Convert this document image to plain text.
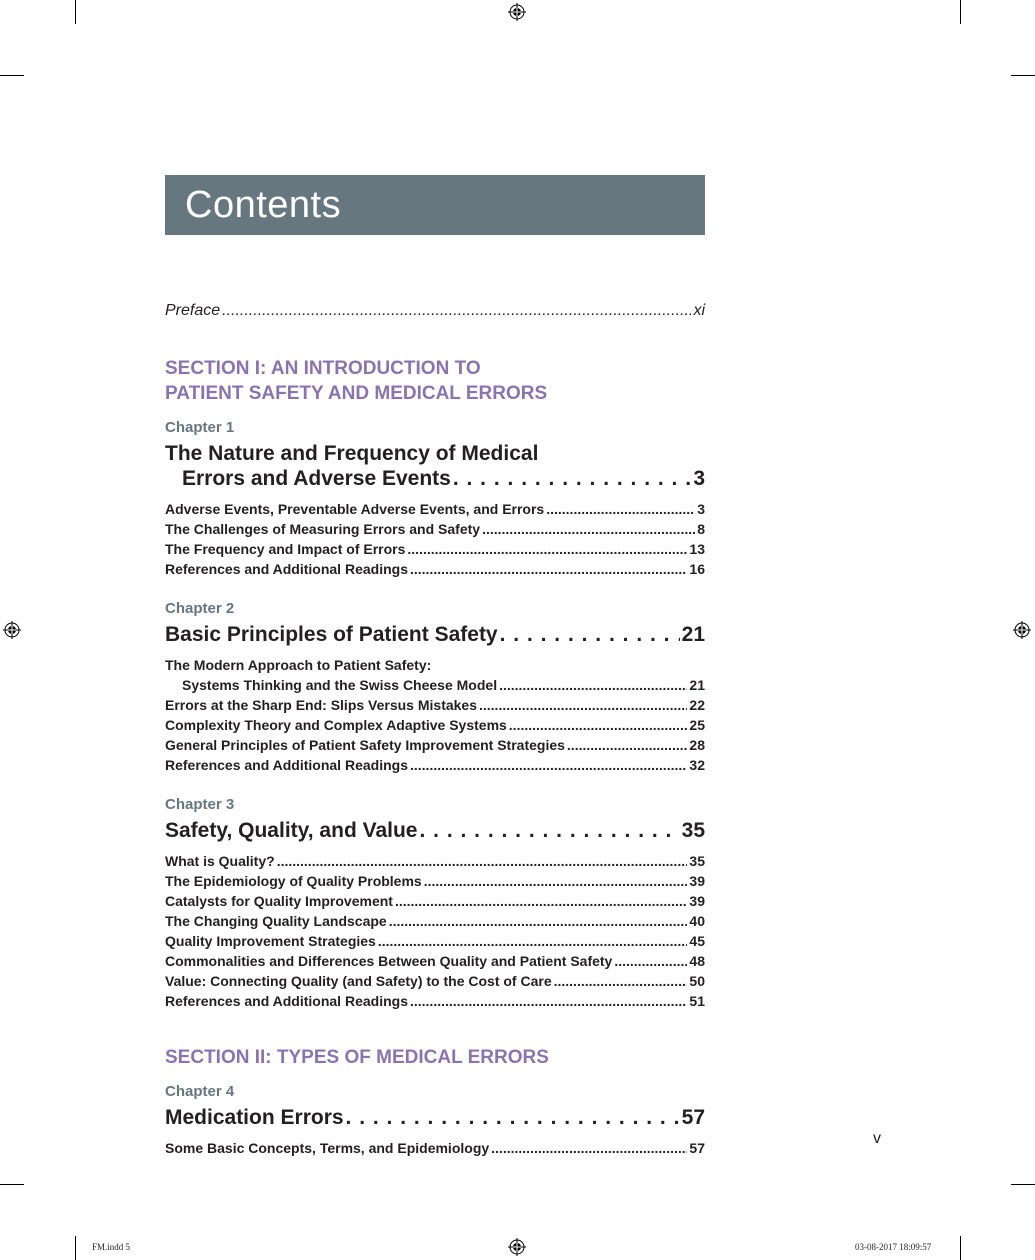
Contents
Preface .....	xi
SECTION I: AN INTRODUCTION TO
PATIENT SAFETY AND MEDICAL ERRORS
Chapter 1
The Nature and Frequency of Medical
Errors and Adverse Events . . .	3
Adverse Events, Preventable Adverse Events, and Errors .....	3
The Challenges of Measuring Errors and Safety .....	8
The Frequency and Impact of Errors .....	13
References and Additional Readings .....	16
Chapter 2
Basic Principles of Patient Safety . . .	21
The Modern Approach to Patient Safety:
Systems Thinking and the Swiss Cheese Model .....	21
Errors at the Sharp End: Slips Versus Mistakes .....	22
Complexity Theory and Complex Adaptive Systems .....	25
General Principles of Patient Safety Improvement Strategies .....	28
References and Additional Readings .....	32
Chapter 3
Safety, Quality, and Value . . .	35
What is Quality? .....	35
The Epidemiology of Quality Problems .....	39
Catalysts for Quality Improvement .....	39
The Changing Quality Landscape .....	40
Quality Improvement Strategies .....	45
Commonalities and Differences Between Quality and Patient Safety .....	48
Value: Connecting Quality (and Safety) to the Cost of Care .....	50
References and Additional Readings .....	51
SECTION II: TYPES OF MEDICAL ERRORS
Chapter 4
Medication Errors . . .	57
Some Basic Concepts, Terms, and Epidemiology .....	57
v
FM.indd 5	03-08-2017 18:09:57
